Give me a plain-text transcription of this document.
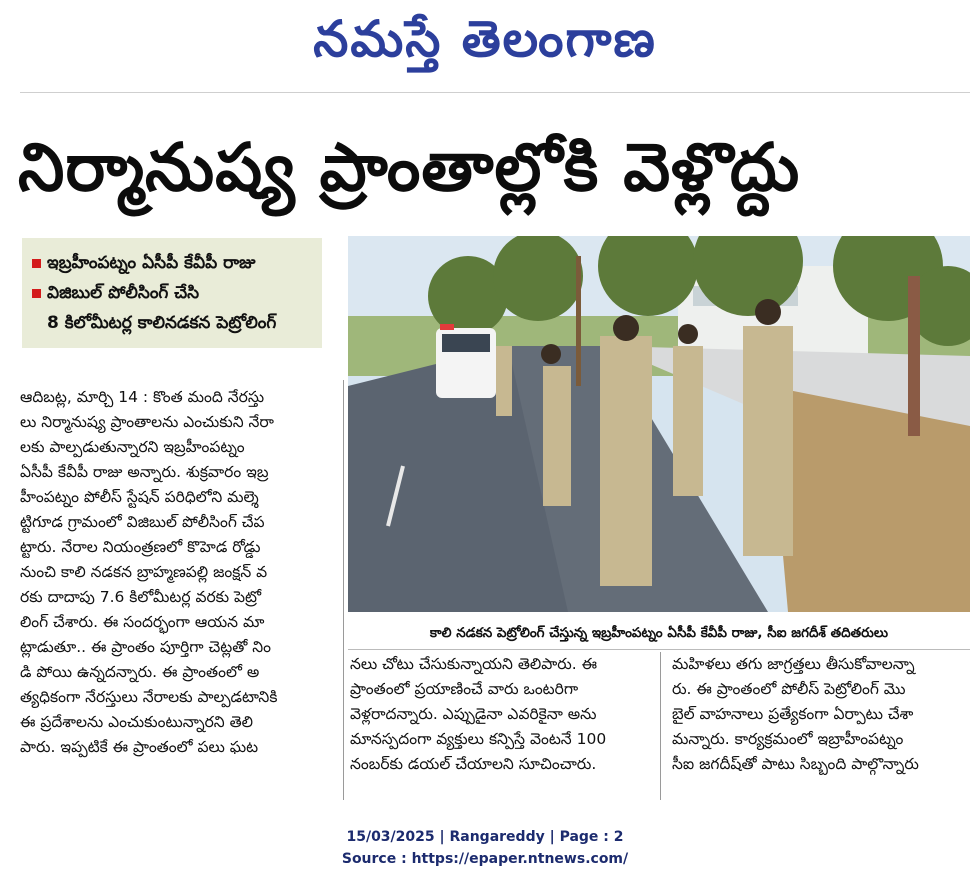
నమస్తే తెలంగాణ
నిర్మానుష్య ప్రాంతాల్లోకి వెళ్లొద్దు
ఇబ్రహీంపట్నం ఏసీపీ కేవీపీ రాజు
విజిబుల్ పోలీసింగ్ చేసి
8 కిలోమీటర్ల కాలినడకన పెట్రోలింగ్
కాలి నడకన పెట్రోలింగ్ చేస్తున్న ఇబ్రహీంపట్నం ఏసీపీ కేవీపీ రాజు, సీఐ జగదీశ్ తదితరులు

ఆదిబట్ల, మార్చి 14 : కొంత మంది నేరస్తు

లు నిర్మానుష్య ప్రాంతాలను ఎంచుకుని నేరా

లకు పాల్పడుతున్నారని ఇబ్రహీంపట్నం

ఏసీపీ కేవీపీ రాజు అన్నారు. శుక్రవారం ఇబ్ర

హీంపట్నం పోలీస్ స్టేషన్ పరిధిలోని మల్శె

ట్టిగూడ గ్రామంలో విజిబుల్ పోలీసింగ్ చేప

ట్టారు. నేరాల నియంత్రణలో కొహెడ రోడ్డు

నుంచి కాలి నడకన బ్రాహ్మణపల్లి జంక్షన్ వ

రకు దాదాపు 7.6 కిలోమీటర్ల వరకు పెట్రో

లింగ్ చేశారు. ఈ సందర్భంగా ఆయన మా

ట్లాడుతూ.. ఈ ప్రాంతం పూర్తిగా చెట్లతో నిం

డి పోయి ఉన్నదన్నారు. ఈ ప్రాంతంలో అ

త్యధికంగా నేరస్తులు నేరాలకు పాల్పడటానికి

ఈ ప్రదేశాలను ఎంచుకుంటున్నారని తెలి

పారు. ఇప్పటికే ఈ ప్రాంతంలో పలు ఘట

నలు చోటు చేసుకున్నాయని తెలిపారు. ఈ

ప్రాంతంలో ప్రయాణించే వారు ఒంటరిగా

వెళ్లరాదన్నారు. ఎప్పుడైనా ఎవరికైనా అను

మానస్పదంగా వ్యక్తులు కన్పిస్తే వెంటనే 100

నంబర్‌కు డయల్ చేయాలని సూచించారు.

మహిళలు తగు జాగ్రత్తలు తీసుకోవాలన్నా

రు. ఈ ప్రాంతంలో పోలీస్ పెట్రోలింగ్ మొ

బైల్ వాహనాలు ప్రత్యేకంగా ఏర్పాటు చేశా

మన్నారు. కార్యక్రమంలో ఇబ్రాహీంపట్నం

సీఐ జగదీష్‌తో పాటు సిబ్బంది పాల్గొన్నారు

15/03/2025 | Rangareddy | Page : 2
Source : https://epaper.ntnews.com/
